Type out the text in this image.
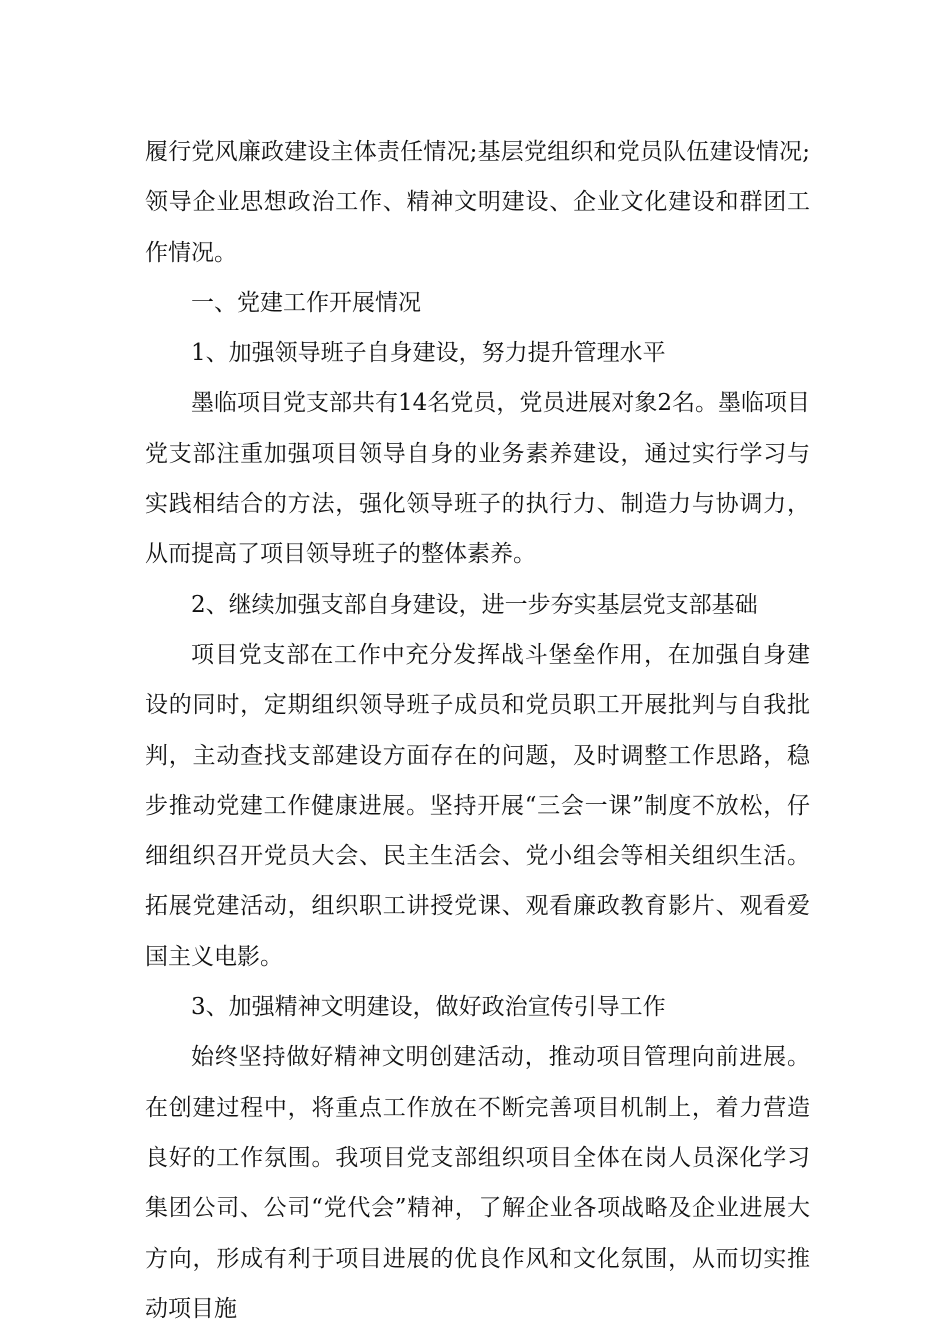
履行党风廉政建设主体责任情况;基层党组织和党员队伍建设情况;领导企业思想政治工作、精神文明建设、企业文化建设和群团工作情况。

一、党建工作开展情况

1、加强领导班子自身建设，努力提升管理水平

墨临项目党支部共有14名党员，党员进展对象2名。墨临项目党支部注重加强项目领导自身的业务素养建设，通过实行学习与实践相结合的方法，强化领导班子的执行力、制造力与协调力，从而提高了项目领导班子的整体素养。

2、继续加强支部自身建设，进一步夯实基层党支部基础

项目党支部在工作中充分发挥战斗堡垒作用，在加强自身建设的同时，定期组织领导班子成员和党员职工开展批判与自我批判，主动查找支部建设方面存在的问题，及时调整工作思路，稳步推动党建工作健康进展。坚持开展“三会一课”制度不放松，仔细组织召开党员大会、民主生活会、党小组会等相关组织生活。拓展党建活动，组织职工讲授党课、观看廉政教育影片、观看爱国主义电影。

3、加强精神文明建设，做好政治宣传引导工作

始终坚持做好精神文明创建活动，推动项目管理向前进展。在创建过程中，将重点工作放在不断完善项目机制上，着力营造良好的工作氛围。我项目党支部组织项目全体在岗人员深化学习集团公司、公司“党代会”精神，了解企业各项战略及企业进展大方向，形成有利于项目进展的优良作风和文化氛围，从而切实推动项目施
